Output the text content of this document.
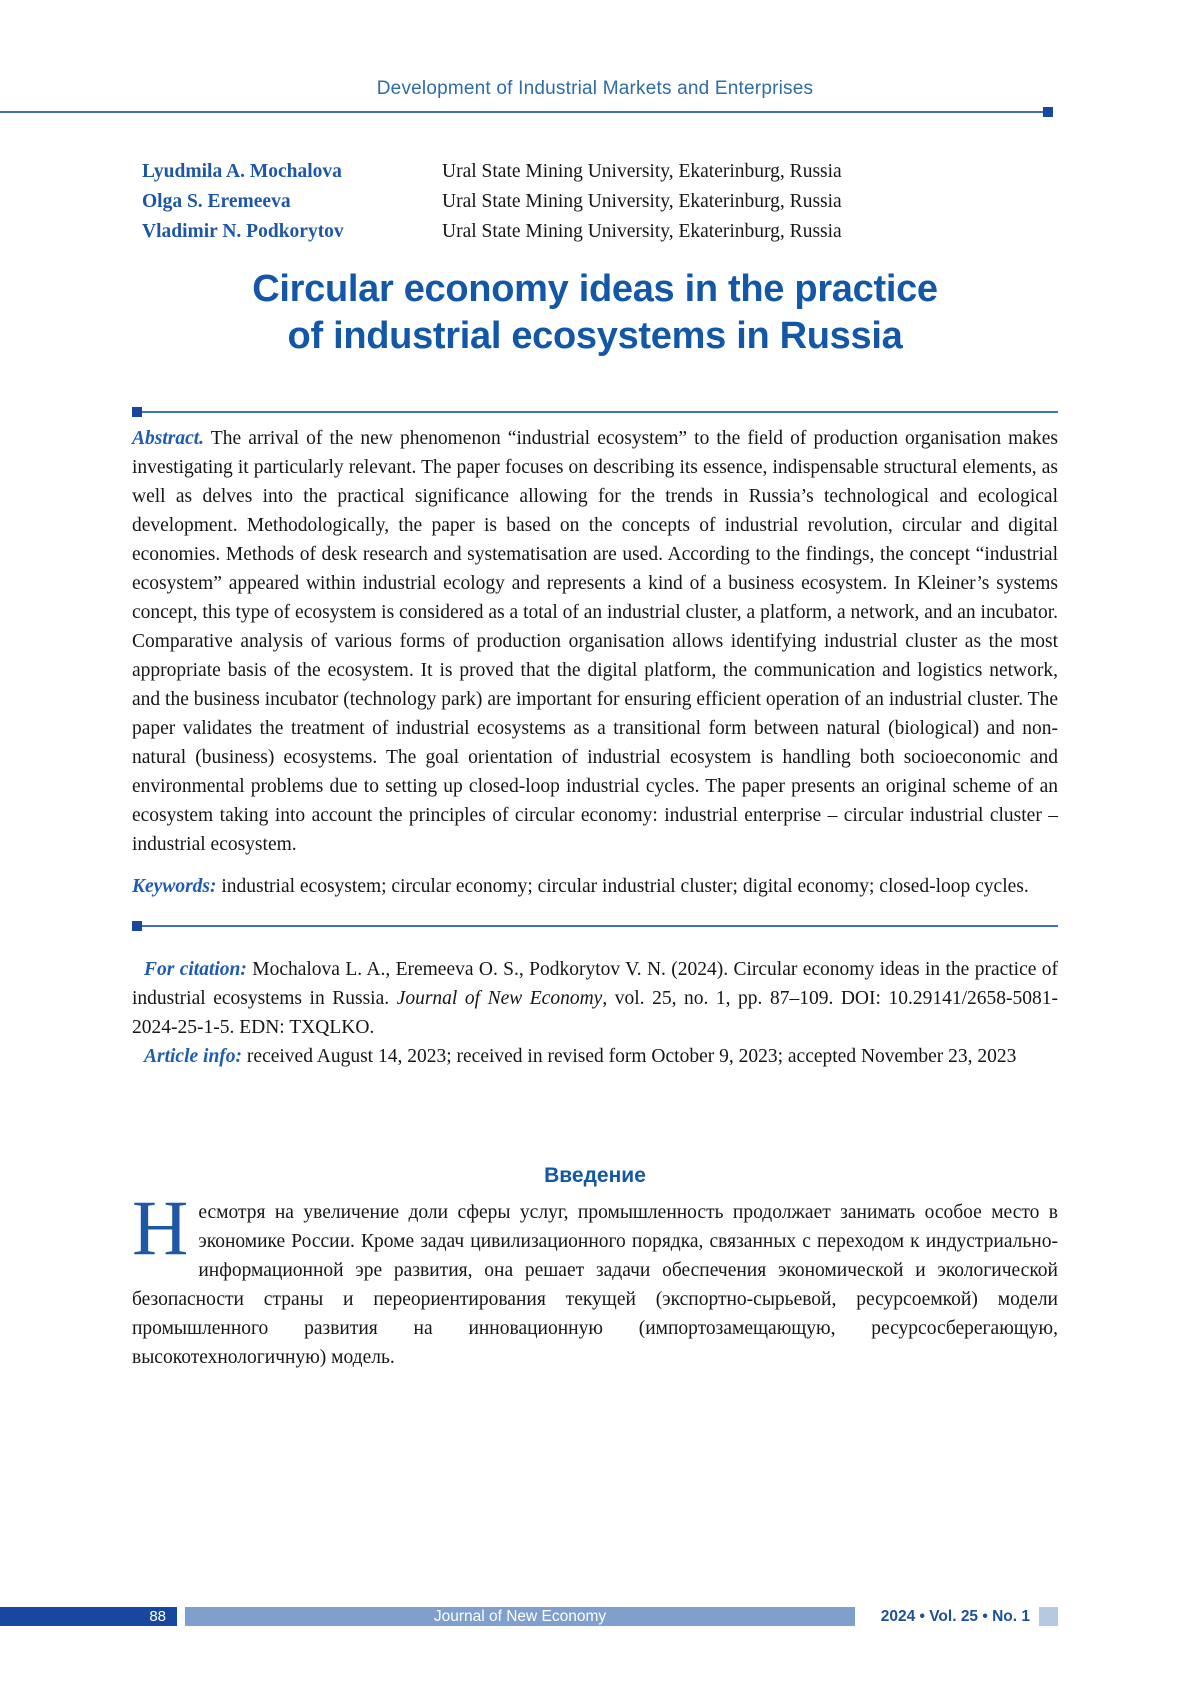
Development of Industrial Markets and Enterprises
Lyudmila A. Mochalova	Ural State Mining University, Ekaterinburg, Russia
Olga S. Eremeeva	Ural State Mining University, Ekaterinburg, Russia
Vladimir N. Podkorytov	Ural State Mining University, Ekaterinburg, Russia
Circular economy ideas in the practice
of industrial ecosystems in Russia

Abstract. The arrival of the new phenomenon “industrial ecosystem” to the field of production organisation makes investigating it particularly relevant. The paper focuses on describing its essence, indispensable structural elements, as well as delves into the practical significance allowing for the trends in Russia’s technological and ecological development. Methodologically, the paper is based on the concepts of industrial revolution, circular and digital economies. Methods of desk research and systematisation are used. According to the findings, the concept “industrial ecosystem” appeared within industrial ecology and represents a kind of a business ecosystem. In Kleiner’s systems concept, this type of ecosystem is considered as a total of an industrial cluster, a platform, a network, and an incubator. Comparative analysis of various forms of production organisation allows identifying industrial cluster as the most appropriate basis of the ecosystem. It is proved that the digital platform, the communication and logistics network, and the business incubator (technology park) are important for ensuring efficient operation of an industrial cluster. The paper validates the treatment of industrial ecosystems as a transitional form between natural (biological) and non-natural (business) ecosystems. The goal orientation of industrial ecosystem is handling both socioeconomic and environmental problems due to setting up closed-loop industrial cycles. The paper presents an original scheme of an ecosystem taking into account the principles of circular economy: industrial enterprise – circular industrial cluster – industrial ecosystem.

Keywords: industrial ecosystem; circular economy; circular industrial cluster; digital economy; closed-loop cycles.

For citation: Mochalova L. A., Eremeeva O. S., Podkorytov V. N. (2024). Circular economy ideas in the practice of industrial ecosystems in Russia. Journal of New Economy, vol. 25, no. 1, pp. 87–109. DOI: 10.29141/2658-5081-2024-25-1-5. EDN: TXQLKO.

Article info: received August 14, 2023; received in revised form October 9, 2023; accepted November 23, 2023

Введение

Несмотря на увеличение доли сферы услуг, промышленность продолжает занимать особое место в экономике России. Кроме задач цивилизационного порядка, связанных с переходом к индустриально-информационной эре развития, она решает задачи обеспечения экономической и экологической безопасности страны и переориентирования текущей (экспортно-сырьевой, ресурсоемкой) модели промышленного развития на инновационную (импортозамещающую, ресурсосберегающую, высокотехнологичную) модель.

88	Journal of New Economy	2024 • Vol. 25 • No. 1
